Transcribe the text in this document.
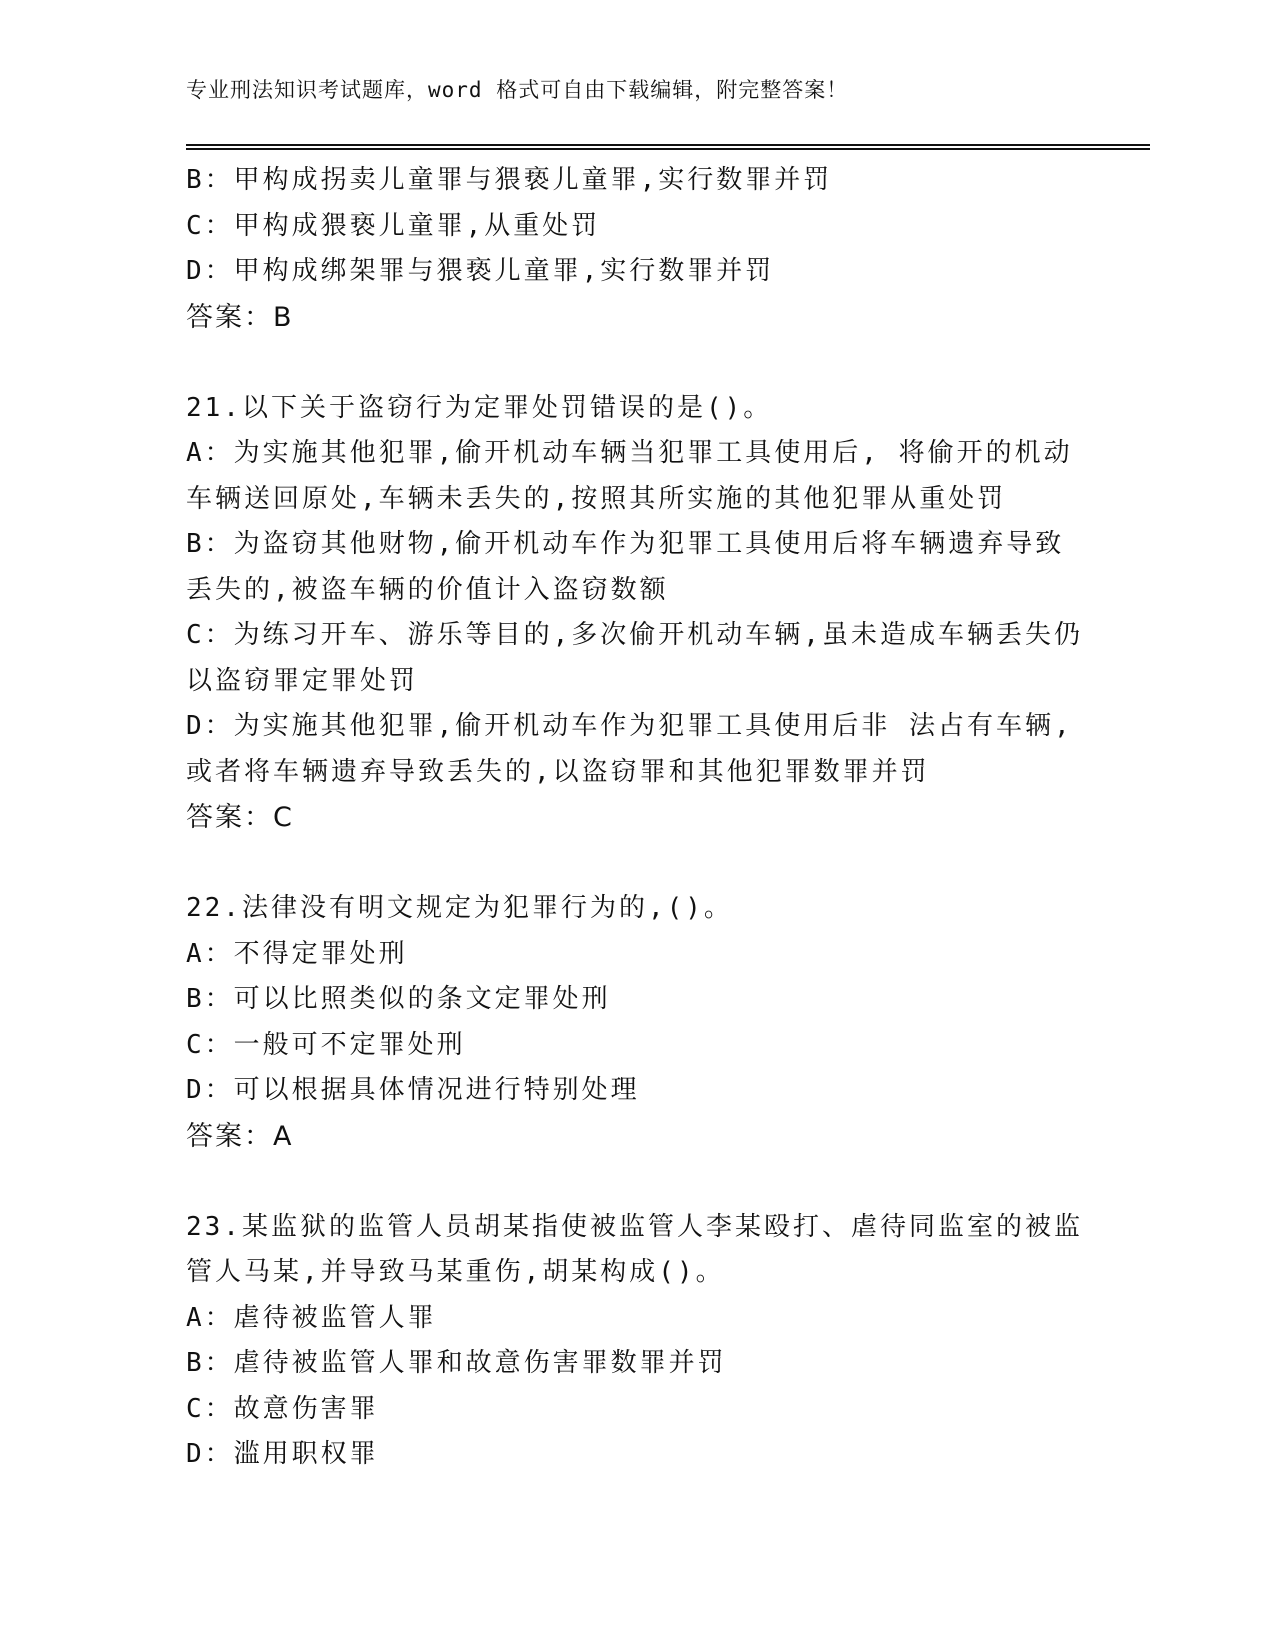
专业刑法知识考试题库，word 格式可自由下载编辑，附完整答案！
B：甲构成拐卖儿童罪与猥亵儿童罪,实行数罪并罚
C：甲构成猥亵儿童罪,从重处罚
D：甲构成绑架罪与猥亵儿童罪,实行数罪并罚
答案：B
21.以下关于盗窃行为定罪处罚错误的是()。
A：为实施其他犯罪,偷开机动车辆当犯罪工具使用后, 将偷开的机动
车辆送回原处,车辆未丢失的,按照其所实施的其他犯罪从重处罚
B：为盗窃其他财物,偷开机动车作为犯罪工具使用后将车辆遗弃导致
丢失的,被盗车辆的价值计入盗窃数额
C：为练习开车、游乐等目的,多次偷开机动车辆,虽未造成车辆丢失仍
以盗窃罪定罪处罚
D：为实施其他犯罪,偷开机动车作为犯罪工具使用后非 法占有车辆,
或者将车辆遗弃导致丢失的,以盗窃罪和其他犯罪数罪并罚
答案：C
22.法律没有明文规定为犯罪行为的,()。
A：不得定罪处刑
B：可以比照类似的条文定罪处刑
C：一般可不定罪处刑
D：可以根据具体情况进行特别处理
答案：A
23.某监狱的监管人员胡某指使被监管人李某殴打、虐待同监室的被监
管人马某,并导致马某重伤,胡某构成()。
A：虐待被监管人罪
B：虐待被监管人罪和故意伤害罪数罪并罚
C：故意伤害罪
D：滥用职权罪
